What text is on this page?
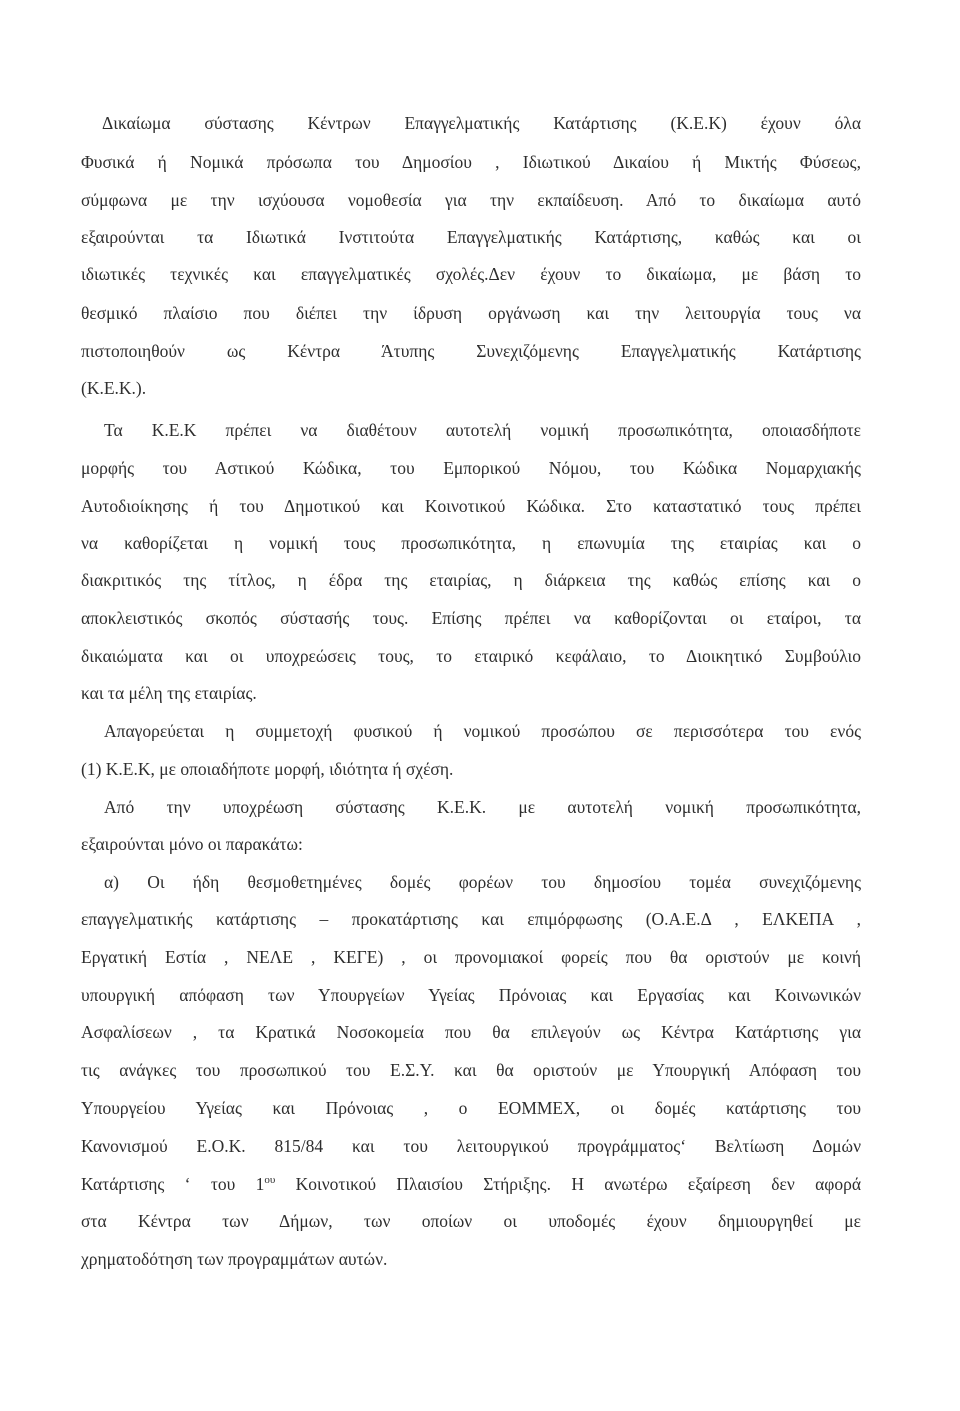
Δικαίωμα σύστασης Κέντρων Επαγγελματικής Κατάρτισης (Κ.Ε.Κ) έχουν όλα
Φυσικά ή Νομικά πρόσωπα του Δημοσίου , Ιδιωτικού Δικαίου ή Μικτής Φύσεως,
σύμφωνα με την ισχύουσα νομοθεσία για την εκπαίδευση. Από το δικαίωμα αυτό
εξαιρούνται τα Ιδιωτικά Ινστιτούτα Επαγγελματικής Κατάρτισης, καθώς και οι
ιδιωτικές τεχνικές και επαγγελματικές σχολές.Δεν έχουν το δικαίωμα, με βάση το
θεσμικό πλαίσιο που διέπει την ίδρυση οργάνωση και την λειτουργία τους να
πιστοποιηθούν ως Κέντρα Άτυπης Συνεχιζόμενης Επαγγελματικής Κατάρτισης
(Κ.Ε.Κ.).
Τα Κ.Ε.Κ πρέπει να διαθέτουν αυτοτελή νομική προσωπικότητα, οποιασδήποτε
μορφής του Αστικού Κώδικα, του Εμπορικού Νόμου, του Κώδικα Νομαρχιακής
Αυτοδιοίκησης ή του Δημοτικού και Κοινοτικού Κώδικα. Στο καταστατικό τους πρέπει
να καθορίζεται η νομική τους προσωπικότητα, η επωνυμία της εταιρίας και ο
διακριτικός της τίτλος, η έδρα της εταιρίας, η διάρκεια της καθώς επίσης και ο
αποκλειστικός σκοπός σύστασής τους. Επίσης πρέπει να καθορίζονται οι εταίροι, τα
δικαιώματα και οι υποχρεώσεις τους, το εταιρικό κεφάλαιο, το Διοικητικό Συμβούλιο
και τα μέλη της εταιρίας.
Απαγορεύεται η συμμετοχή φυσικού ή νομικού προσώπου σε περισσότερα του ενός
(1) Κ.Ε.Κ, με οποιαδήποτε μορφή, ιδιότητα ή σχέση.
Από την υποχρέωση σύστασης Κ.Ε.Κ. με αυτοτελή νομική προσωπικότητα,
εξαιρούνται μόνο οι παρακάτω:
α) Οι ήδη θεσμοθετημένες δομές φορέων του δημοσίου τομέα συνεχιζόμενης
επαγγελματικής κατάρτισης – προκατάρτισης και επιμόρφωσης (Ο.Α.Ε.Δ , ΕΛΚΕΠΑ ,
Εργατική Εστία , ΝΕΛΕ , ΚΕΓΕ) , οι προνομιακοί φορείς που θα οριστούν με κοινή
υπουργική απόφαση των Υπουργείων Υγείας Πρόνοιας και Εργασίας και Κοινωνικών
Ασφαλίσεων , τα Κρατικά Νοσοκομεία που θα επιλεγούν ως Κέντρα Κατάρτισης για
τις ανάγκες του προσωπικού του Ε.Σ.Υ. και θα οριστούν με Υπουργική Απόφαση του
Υπουργείου Υγείας και Πρόνοιας , ο ΕΟΜΜΕΧ, οι δομές κατάρτισης του
Κανονισμού Ε.Ο.Κ. 815/84 και του λειτουργικού προγράμματος‘ Βελτίωση Δομών
Κατάρτισης ‘ του $1^{o\upsilon}$ Κοινοτικού Πλαισίου Στήριξης. Η ανωτέρω εξαίρεση δεν αφορά
στα Κέντρα των Δήμων, των οποίων οι υποδομές έχουν δημιουργηθεί με
χρηματοδότηση των προγραμμάτων αυτών.
